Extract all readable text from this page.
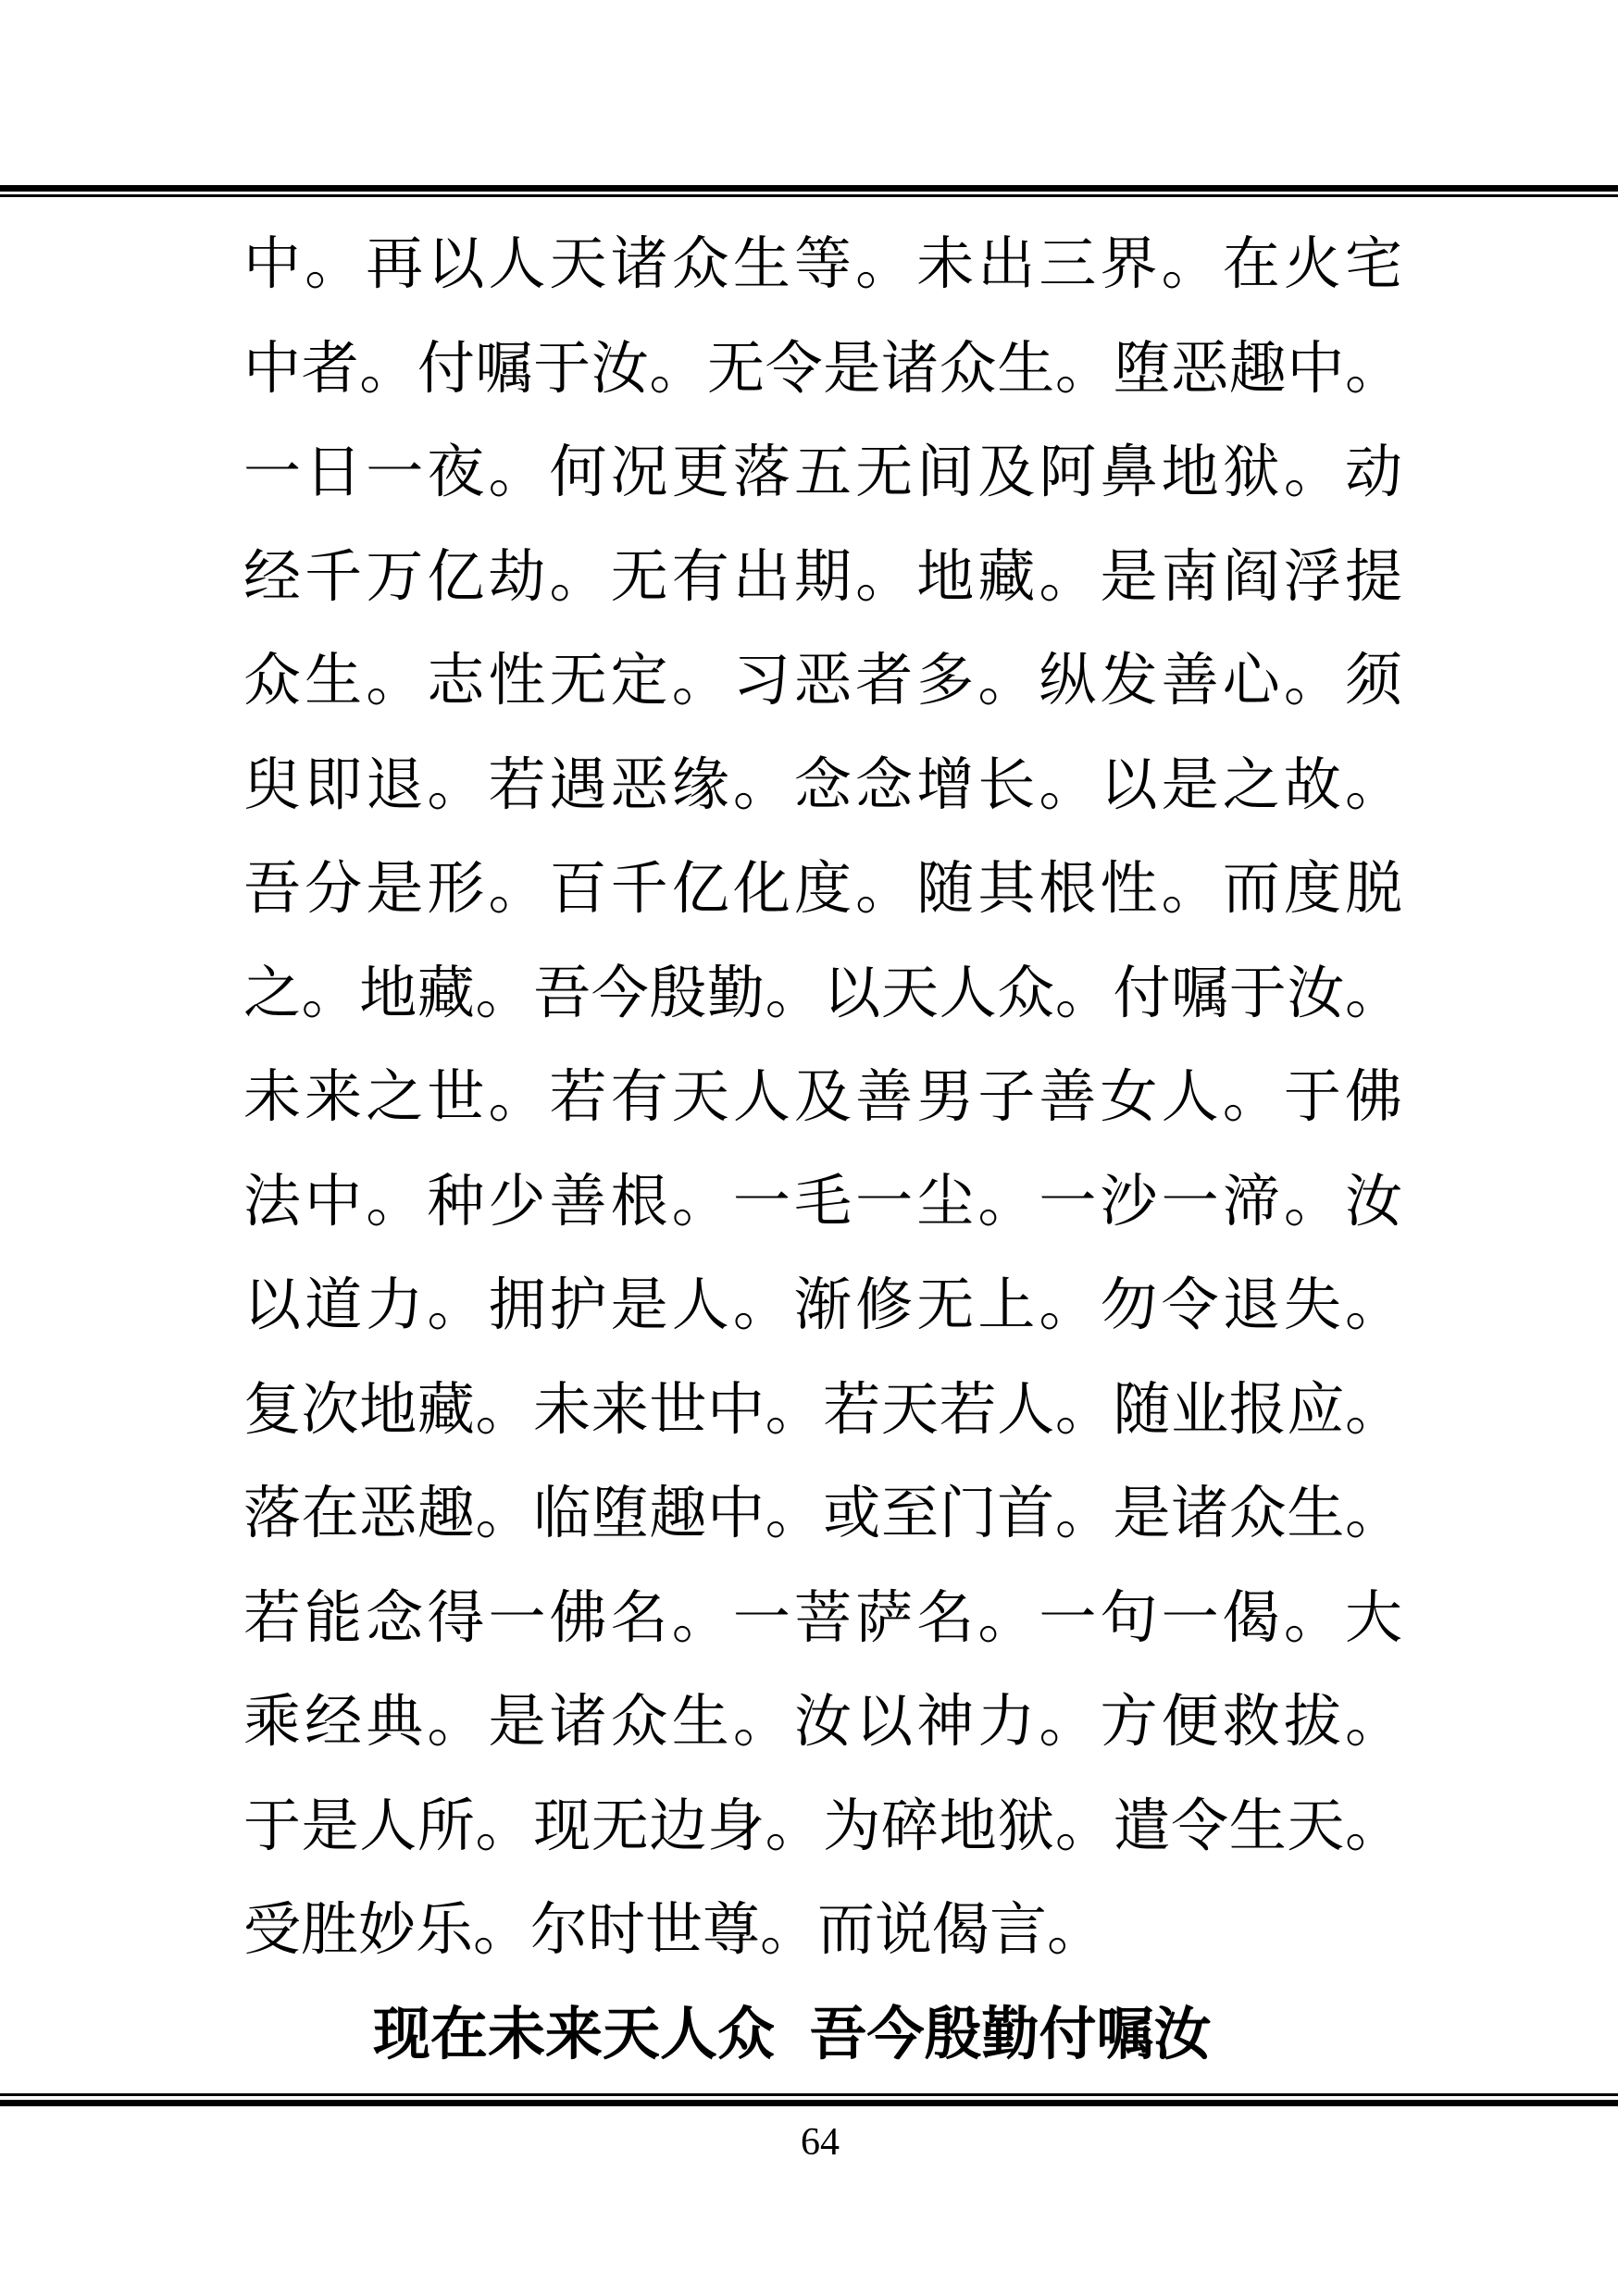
中。再以人天诸众生等。未出三界。在火宅

中者。付嘱于汝。无令是诸众生。堕恶趣中。

一日一夜。何况更落五无间及阿鼻地狱。动

经千万亿劫。无有出期。地藏。是南阎浮提

众生。志性无定。习恶者多。纵发善心。须

臾即退。若遇恶缘。念念增长。以是之故。

吾分是形。百千亿化度。随其根性。而度脱

之。地藏。吾今殷勤。以天人众。付嘱于汝。

未来之世。若有天人及善男子善女人。于佛

法中。种少善根。一毛一尘。一沙一渧。汝

以道力。拥护是人。渐修无上。勿令退失。

复次地藏。未来世中。若天若人。随业报应。

落在恶趣。临堕趣中。或至门首。是诸众生。

若能念得一佛名。一菩萨名。一句一偈。大

乘经典。是诸众生。汝以神力。方便救拔。

于是人所。现无边身。为碎地狱。遣令生天。

受胜妙乐。尔时世尊。而说偈言。

现在未来天人众 吾今殷勤付嘱汝

64
